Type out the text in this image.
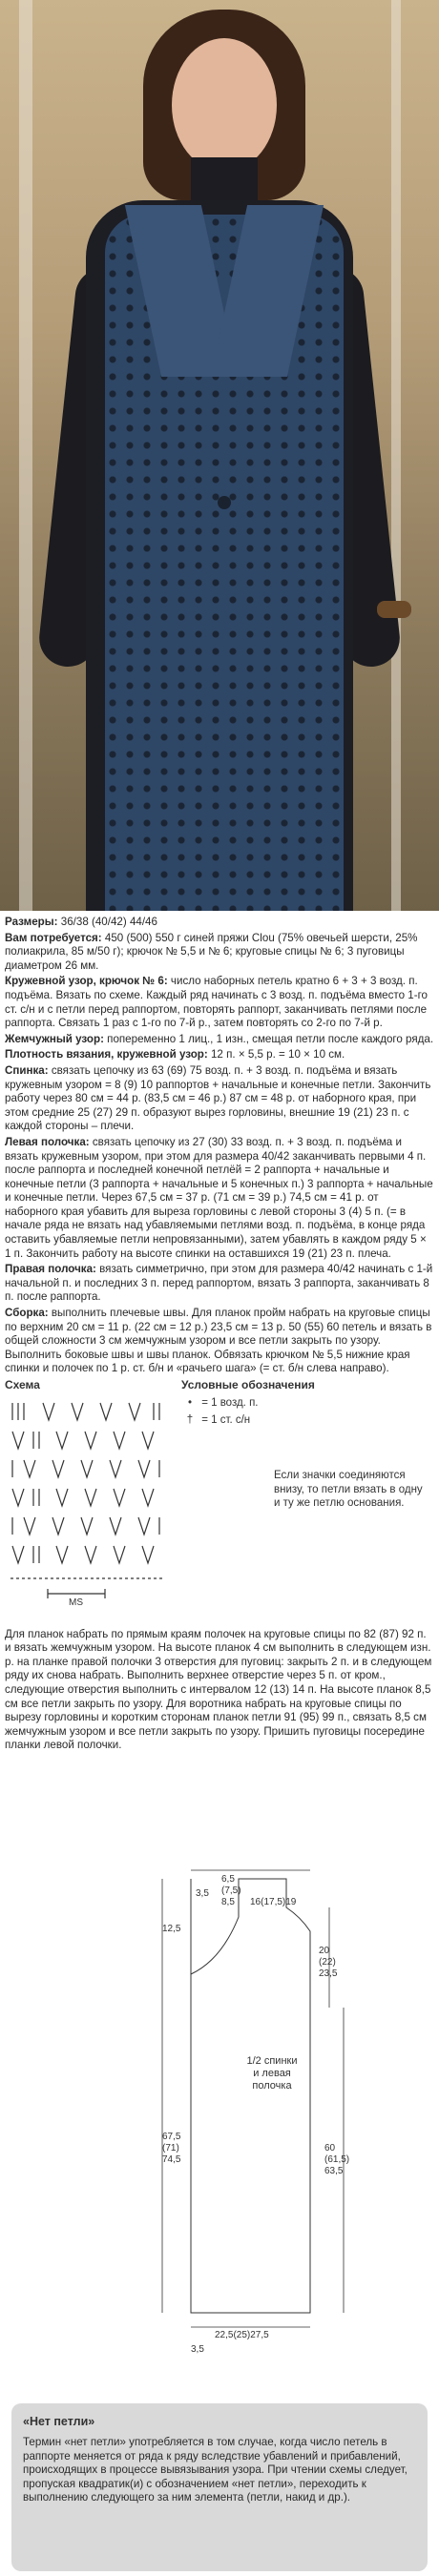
Размеры: 36/38 (40/42) 44/46

Вам потребуется: 450 (500) 550 г синей пряжи Clou (75% овечьей шерсти, 25% полиакрила, 85 м/50 г); крючок № 5,5 и № 6; круговые спицы № 6; 3 пуговицы диаметром 26 мм.

Кружевной узор, крючок № 6: число наборных петель кратно 6 + 3 + 3 возд. п. подъёма. Вязать по схеме. Каждый ряд начинать с 3 возд. п. подъёма вместо 1-го ст. с/н и с петли перед раппортом, повторять раппорт, заканчивать петлями после раппорта. Связать 1 раз с 1-го по 7-й р., затем повторять со 2-го по 7-й р.

Жемчужный узор: попеременно 1 лиц., 1 изн., смещая петли после каждого ряда.

Плотность вязания, кружевной узор: 12 п. × 5,5 р. = 10 × 10 см.

Спинка: связать цепочку из 63 (69) 75 возд. п. + 3 возд. п. подъёма и вязать кружевным узором = 8 (9) 10 раппортов + начальные и конечные петли. Закончить работу через 80 см = 44 р. (83,5 см = 46 р.) 87 см = 48 р. от наборного края, при этом средние 25 (27) 29 п. образуют вырез горловины, внешние 19 (21) 23 п. с каждой стороны – плечи.

Левая полочка: связать цепочку из 27 (30) 33 возд. п. + 3 возд. п. подъёма и вязать кружевным узором, при этом для размера 40/42 заканчивать первыми 4 п. после раппорта и последней конечной петлёй = 2 раппорта + начальные и конечные петли (3 раппорта + начальные и 5 конечных п.) 3 раппорта + начальные и конечные петли. Через 67,5 см = 37 р. (71 см = 39 р.) 74,5 см = 41 р. от наборного края убавить для выреза горловины с левой стороны 3 (4) 5 п. (= в начале ряда не вязать над убавляемыми петлями возд. п. подъёма, в конце ряда оставить убавляемые петли непровязанными), затем убавлять в каждом ряду 5 × 1 п. Закончить работу на высоте спинки на оставшихся 19 (21) 23 п. плеча.

Правая полочка: вязать симметрично, при этом для размера 40/42 начинать с 1-й начальной п. и последних 3 п. перед раппортом, вязать 3 раппорта, заканчивать 8 п. после раппорта.

Сборка: выполнить плечевые швы. Для планок пройм набрать на круговые спицы по верхним 20 см = 11 р. (22 см = 12 р.) 23,5 см = 13 р. 50 (55) 60 петель и вязать в общей сложности 3 см жемчужным узором и все петли закрыть по узору. Выполнить боковые швы и швы планок. Обвязать крючком № 5,5 нижние края спинки и полочек по 1 р. ст. б/н и «рачьего шага» (= ст. б/н слева направо).

Схема	Условные обозначения
MS
• = 1 возд. п.
† = 1 ст. с/н
Если значки соединяются внизу, то петли вязать в одну и ту же петлю основания.

Для планок набрать по прямым краям полочек на круговые спицы по 82 (87) 92 п. и вязать жемчужным узором. На высоте планок 4 см выполнить в следующем изн. р. на планке правой полочки 3 отверстия для пуговиц: закрыть 2 п. и в следующем ряду их снова набрать. Выполнить верхнее отверстие через 5 п. от кром., следующие отверстия выполнить с интервалом 12 (13) 14 п. На высоте планок 8,5 см все петли закрыть по узору. Для воротника набрать на круговые спицы по вырезу горловины и коротким сторонам планок петли 91 (95) 99 п., связать 8,5 см жемчужным узором и все петли закрыть по узору. Пришить пуговицы посередине планки левой полочки.

3,5
6,5
(7,5)
8,5 16(17,5)19
12,5
20
(22)
23,5
67,5
(71)
74,5
60
(61,5)
63,5
22,5(25)27,5
3,5
1/2 спинки и левая полочка
«Нет петли»
Термин «нет петли» употребляется в том случае, когда число петель в раппорте меняется от ряда к ряду вследствие убавлений и прибавлений, происходящих в процессе вывязывания узора. При чтении схемы следует, пропуская квадратик(и) с обозначением «нет петли», переходить к выполнению следующего за ним элемента (петли, накид и др.).
